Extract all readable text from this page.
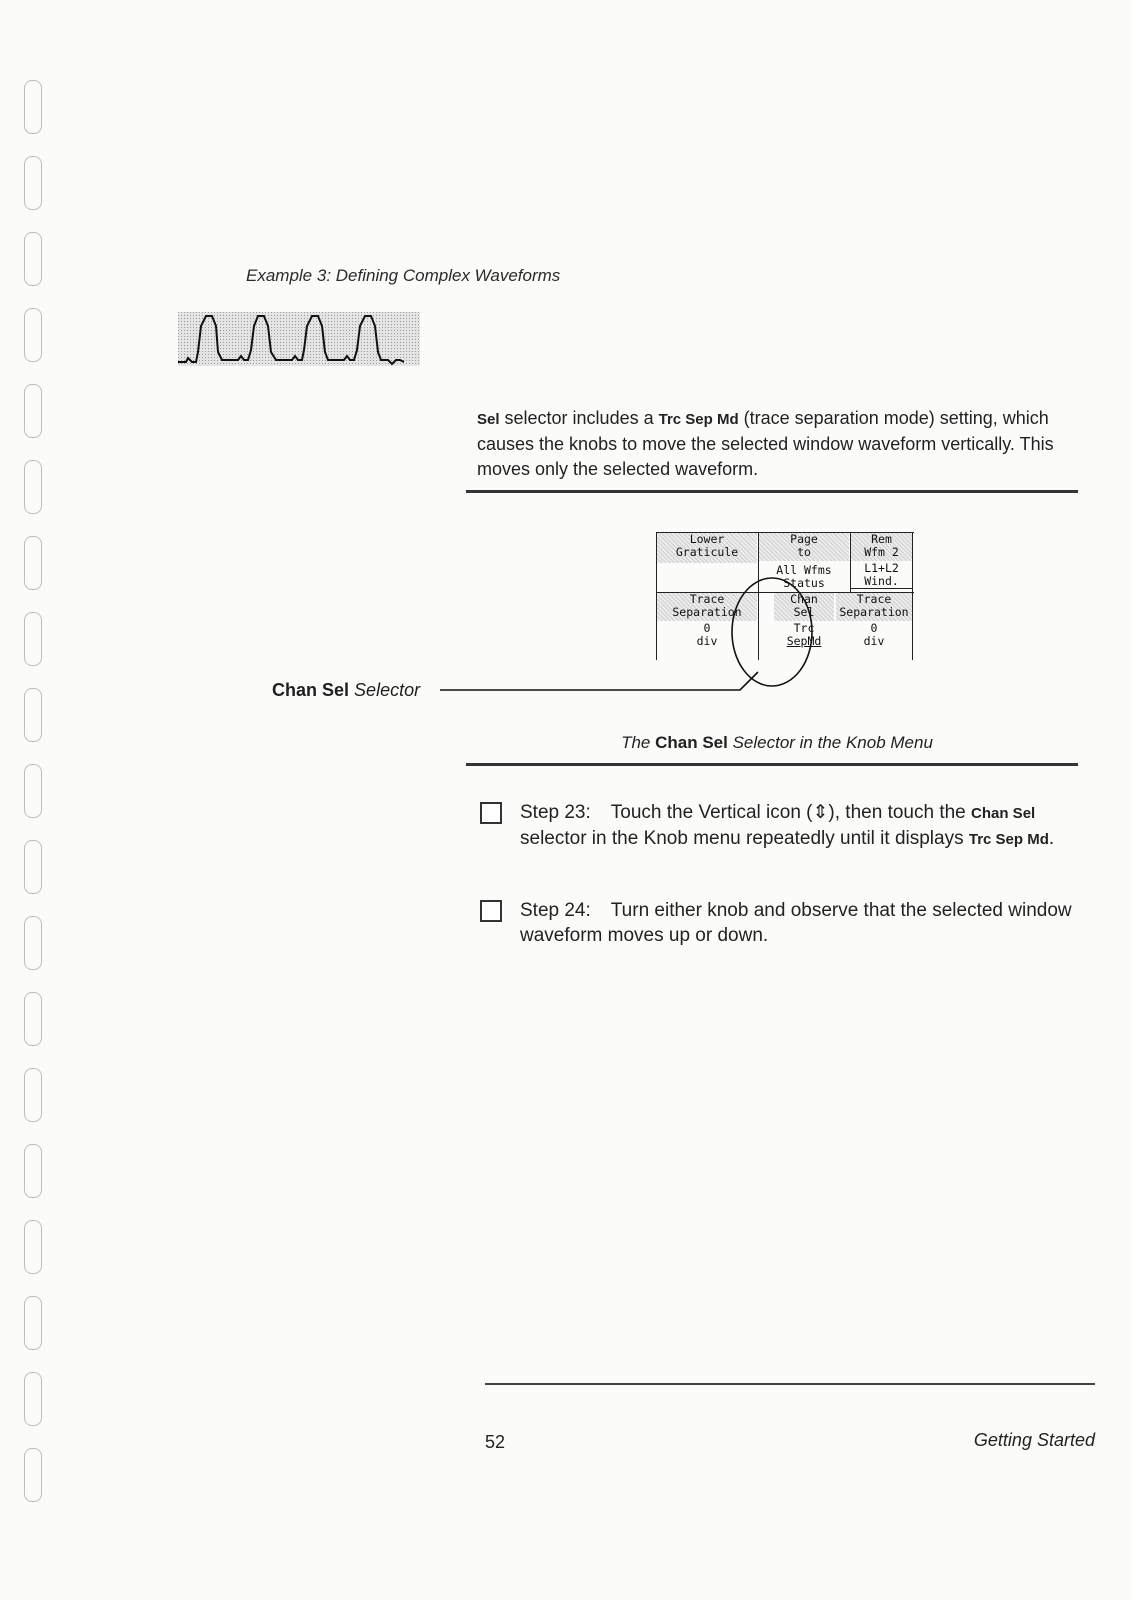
Example 3: Defining Complex Waveforms
Sel selector includes a Trc Sep Md (trace separation mode) setting, which causes the knobs to move the selected window waveform vertically. This moves only the selected waveform.
Lower
Graticule
Page
to
All Wfms
Status
Rem
Wfm 2
L1+L2
Wind.
Trace
Separation
0
div
Chan
Sel
Trc
SepMd
Trace
Separation
0
div
Chan Sel Selector
The Chan Sel Selector in the Knob Menu
Step 23: Touch the Vertical icon (⇕), then touch the Chan Sel selector in the Knob menu repeatedly until it displays Trc Sep Md.
Step 24: Turn either knob and observe that the selected window waveform moves up or down.
52	Getting Started
